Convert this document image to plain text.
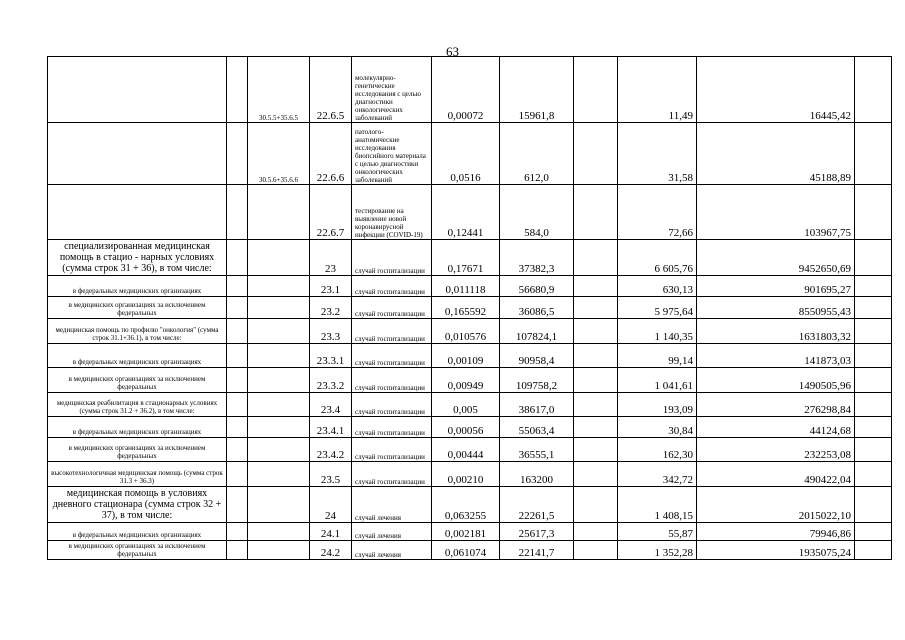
63
		30.5.5+35.6.5	22.6.5	молекулярно-генетические исследования с целью диагностики онкологических заболеваний	0,00072	15961,8		11,49	16445,42	
		30.5.6+35.6.6	22.6.6	патолого-анатомические исследования биопсийного материала с целью диагностики онкологических заболеваний	0,0516	612,0		31,58	45188,89	
			22.6.7	тестирование на выявление новой коронавирусной инфекции (COVID-19)	0,12441	584,0		72,66	103967,75	
специализированная медицинская помощь в стацио - нарных условиях (сумма строк 31 + 36), в том числе:			23	случай госпитализации	0,17671	37382,3		6 605,76	9452650,69	
в федеральных медицинских организациях			23.1	случай госпитализации	0,011118	56680,9		630,13	901695,27	
в медицинских организациях за исключением федеральных			23.2	случай госпитализации	0,165592	36086,5		5 975,64	8550955,43	
медицинская помощь по профилю "онкология" (сумма строк 31.1+36.1), в том числе:			23.3	случай госпитализации	0,010576	107824,1		1 140,35	1631803,32	
в федеральных медицинских организациях			23.3.1	случай госпитализации	0,00109	90958,4		99,14	141873,03	
в медицинских организациях за исключением федеральных			23.3.2	случай госпитализации	0,00949	109758,2		1 041,61	1490505,96	
медицинская реабилитация в стационарных условиях (сумма строк 31.2 + 36.2), в том числе:			23.4	случай госпитализации	0,005	38617,0		193,09	276298,84	
в федеральных медицинских организациях			23.4.1	случай госпитализации	0,00056	55063,4		30,84	44124,68	
в медицинских организациях за исключением федеральных			23.4.2	случай госпитализации	0,00444	36555,1		162,30	232253,08	
высокотехнологичная медицинская помощь (сумма строк 31.3 + 36.3)			23.5	случай госпитализации	0,00210	163200		342,72	490422,04	
медицинская помощь в условиях дневного стационара (сумма строк 32 + 37), в том числе:			24	случай лечения	0,063255	22261,5		1 408,15	2015022,10	
в федеральных медицинских организациях			24.1	случай лечения	0,002181	25617,3		55,87	79946,86	
в медицинских организациях за исключением федеральных			24.2	случай лечения	0,061074	22141,7		1 352,28	1935075,24	
